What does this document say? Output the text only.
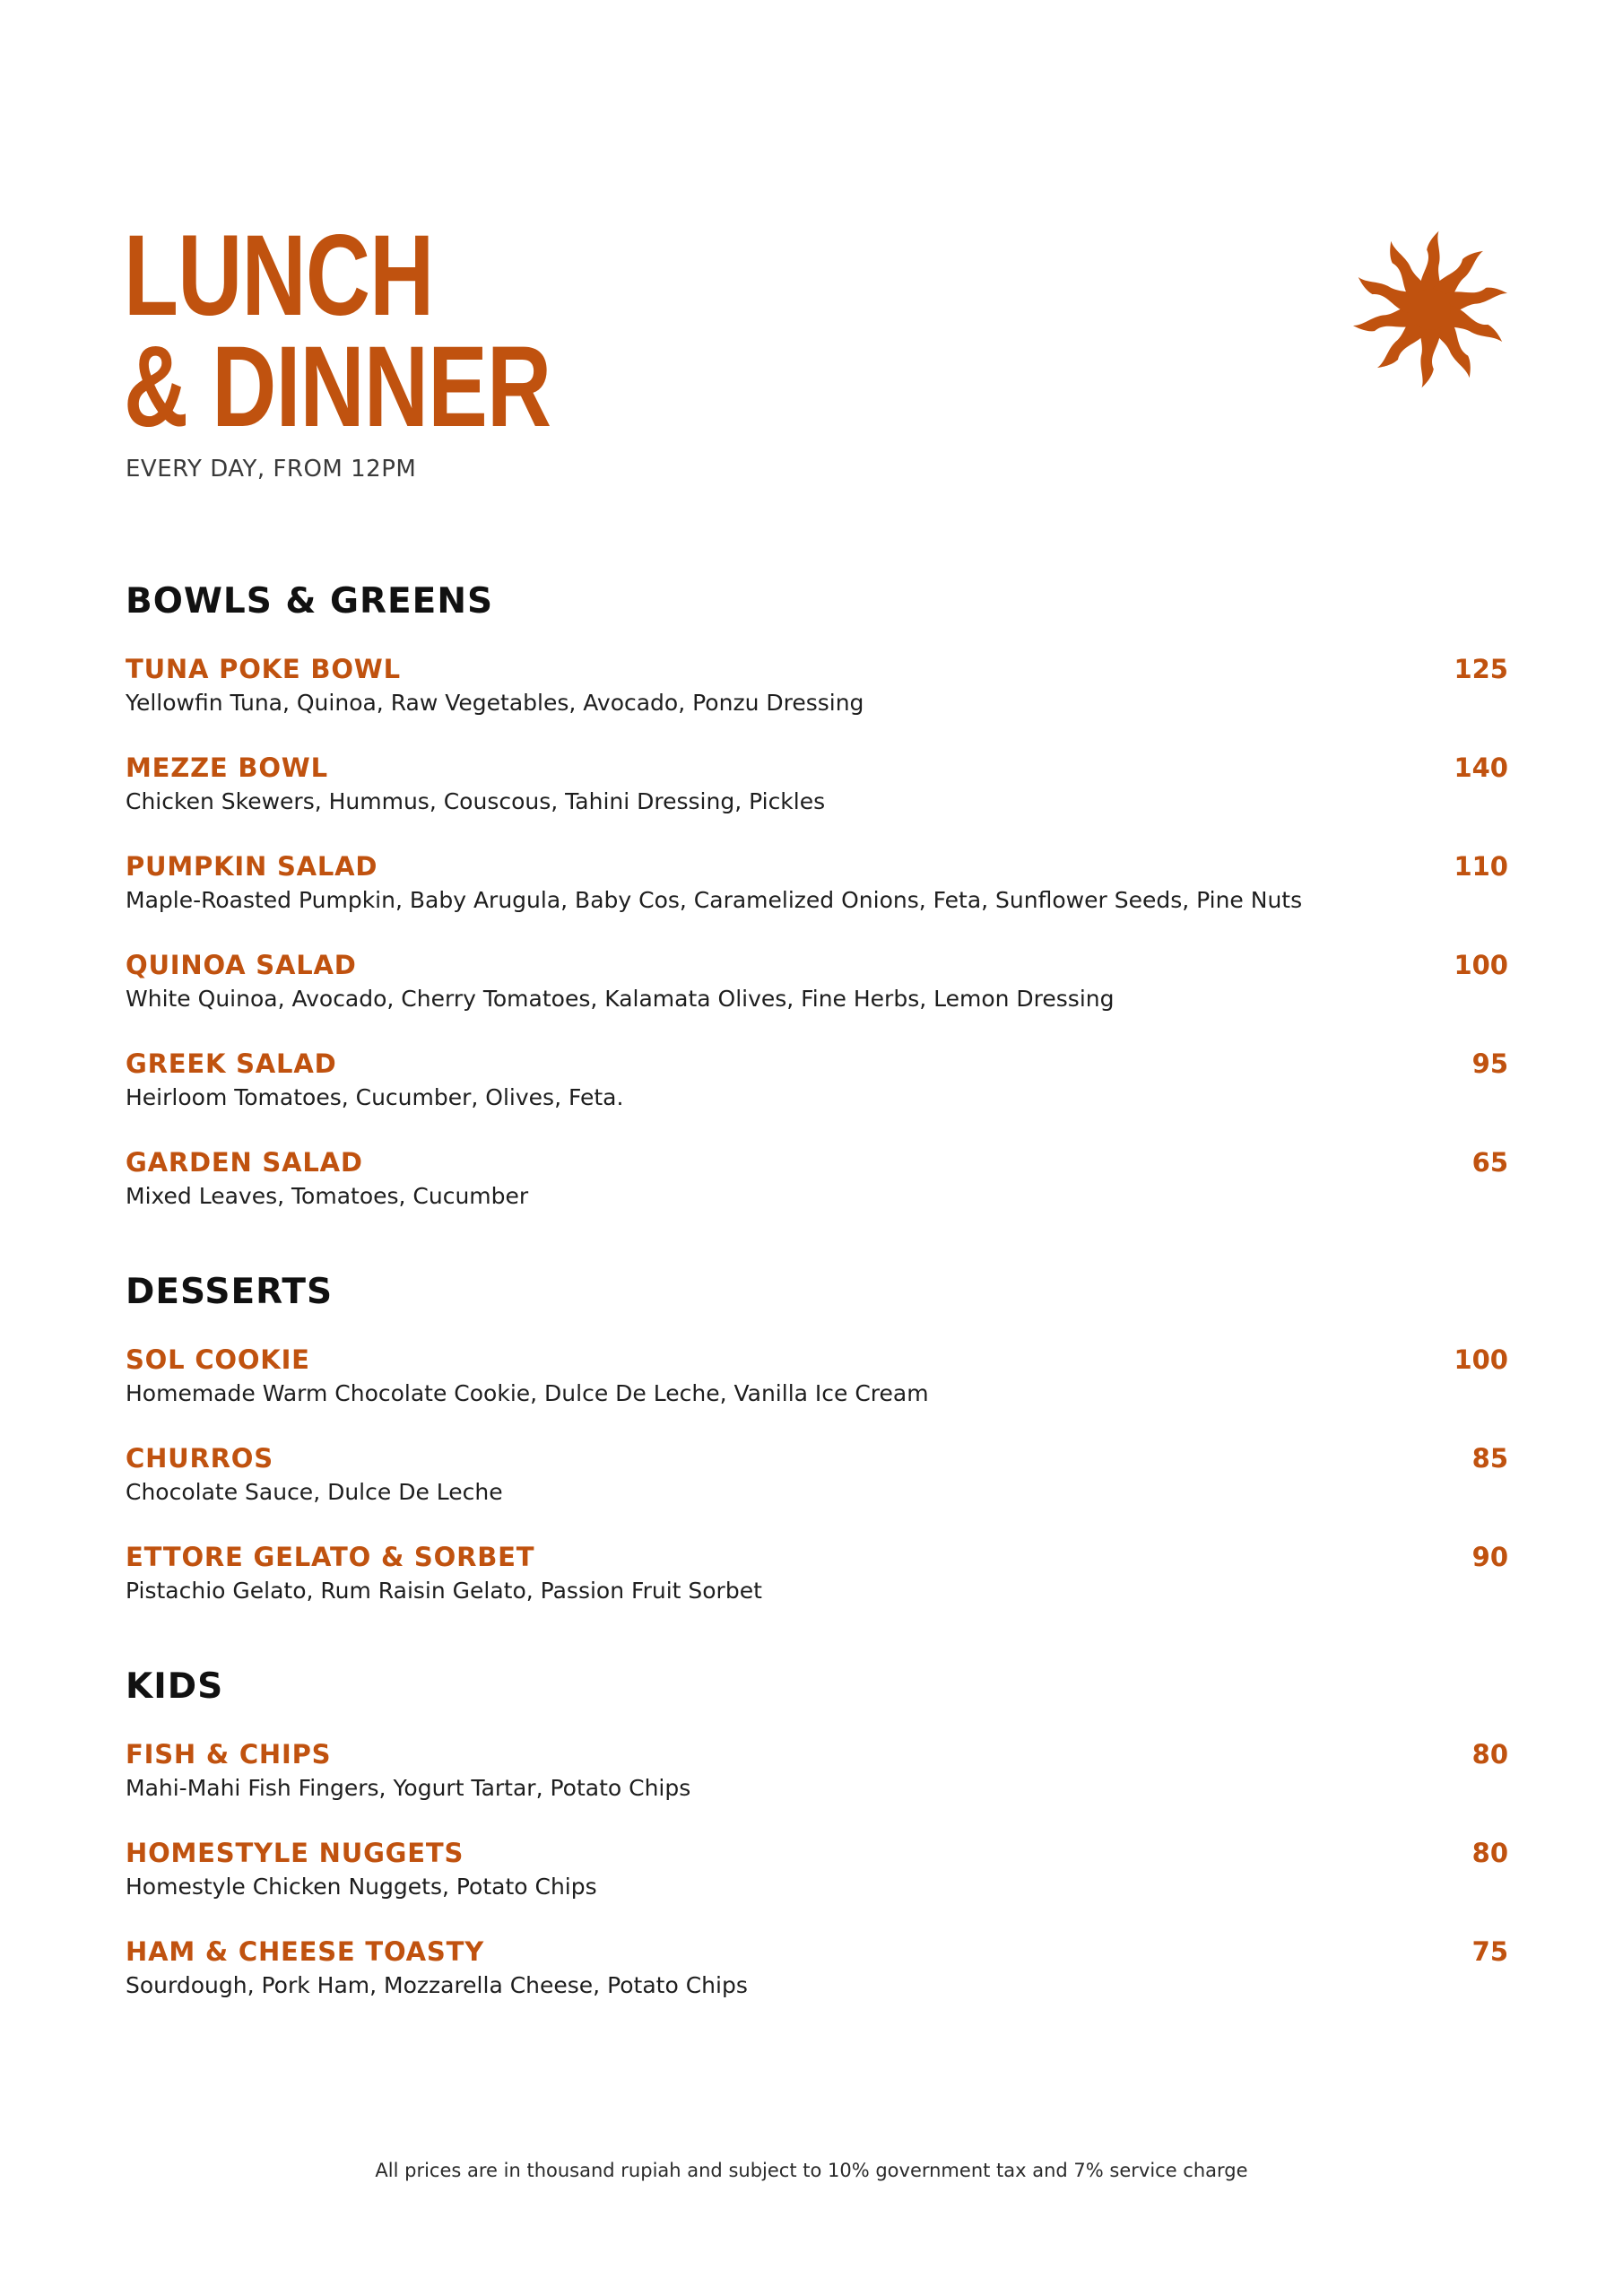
LUNCH
& DINNER

EVERY DAY, FROM 12PM

BOWLS & GREENS
TUNA POKE BOWL
Yellowfin Tuna, Quinoa, Raw Vegetables, Avocado, Ponzu Dressing
125
MEZZE BOWL
Chicken Skewers, Hummus, Couscous, Tahini Dressing, Pickles
140
PUMPKIN SALAD
Maple-Roasted Pumpkin, Baby Arugula, Baby Cos, Caramelized Onions, Feta, Sunflower Seeds, Pine Nuts
110
QUINOA SALAD
White Quinoa, Avocado, Cherry Tomatoes, Kalamata Olives, Fine Herbs, Lemon Dressing
100
GREEK SALAD
Heirloom Tomatoes, Cucumber, Olives, Feta.
95
GARDEN SALAD
Mixed Leaves, Tomatoes, Cucumber
65
DESSERTS
SOL COOKIE
Homemade Warm Chocolate Cookie, Dulce De Leche, Vanilla Ice Cream
100
CHURROS
Chocolate Sauce, Dulce De Leche
85
ETTORE GELATO & SORBET
Pistachio Gelato, Rum Raisin Gelato, Passion Fruit Sorbet
90
KIDS
FISH & CHIPS
Mahi-Mahi Fish Fingers, Yogurt Tartar, Potato Chips
80
HOMESTYLE NUGGETS
Homestyle Chicken Nuggets, Potato Chips
80
HAM & CHEESE TOASTY
Sourdough, Pork Ham, Mozzarella Cheese, Potato Chips
75
All prices are in thousand rupiah and subject to 10% government tax and 7% service charge
